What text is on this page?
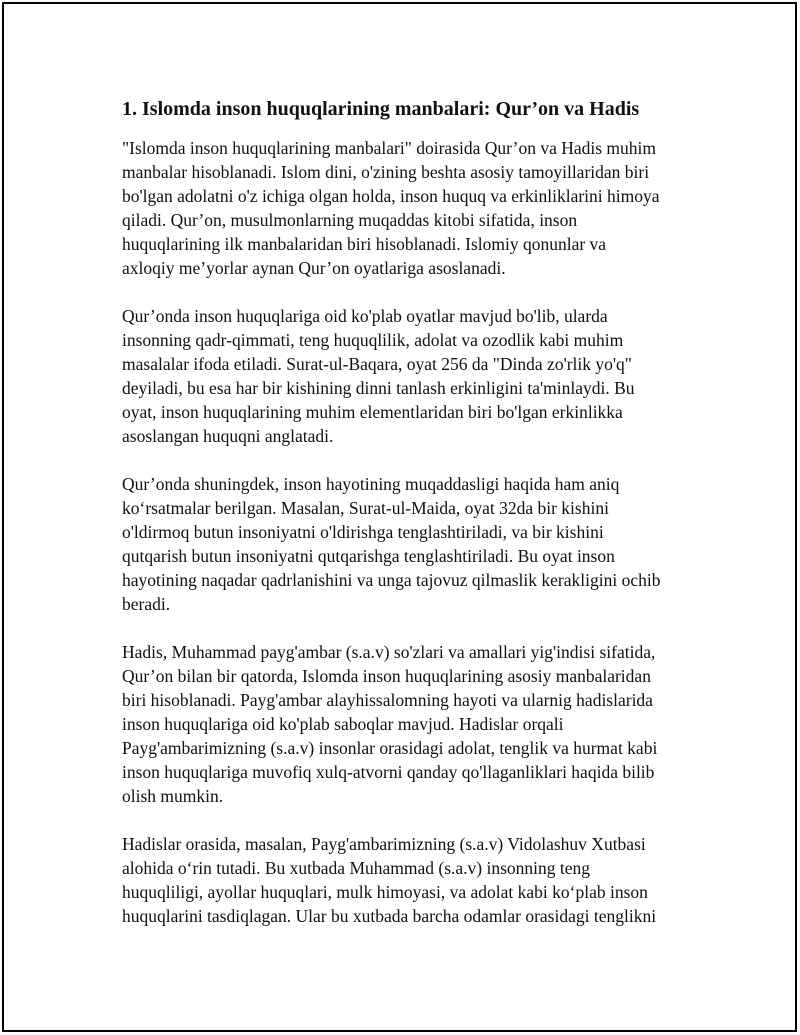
1. Islomda inson huquqlarining manbalari: Qur’on va Hadis
"Islomda inson huquqlarining manbalari" doirasida Qur’on va Hadis muhim
manbalar hisoblanadi. Islom dini, o'zining beshta asosiy tamoyillaridan biri
bo'lgan adolatni o'z ichiga olgan holda, inson huquq va erkinliklarini himoya
qiladi. Qur’on, musulmonlarning muqaddas kitobi sifatida, inson
huquqlarining ilk manbalaridan biri hisoblanadi. Islomiy qonunlar va
axloqiy me’yorlar aynan Qur’on oyatlariga asoslanadi.
Qur’onda inson huquqlariga oid ko'plab oyatlar mavjud bo'lib, ularda
insonning qadr-qimmati, teng huquqlilik, adolat va ozodlik kabi muhim
masalalar ifoda etiladi. Surat-ul-Baqara, oyat 256 da "Dinda zo'rlik yo'q"
deyiladi, bu esa har bir kishining dinni tanlash erkinligini ta'minlaydi. Bu
oyat, inson huquqlarining muhim elementlaridan biri bo'lgan erkinlikka
asoslangan huquqni anglatadi.
Qur’onda shuningdek, inson hayotining muqaddasligi haqida ham aniq
ko‘rsatmalar berilgan. Masalan, Surat-ul-Maida, oyat 32da bir kishini
o'ldirmoq butun insoniyatni o'ldirishga tenglashtiriladi, va bir kishini
qutqarish butun insoniyatni qutqarishga tenglashtiriladi. Bu oyat inson
hayotining naqadar qadrlanishini va unga tajovuz qilmaslik kerakligini ochib
beradi.
Hadis, Muhammad payg'ambar (s.a.v) so'zlari va amallari yig'indisi sifatida,
Qur’on bilan bir qatorda, Islomda inson huquqlarining asosiy manbalaridan
biri hisoblanadi. Payg'ambar alayhissalomning hayoti va ularnig hadislarida
inson huquqlariga oid ko'plab saboqlar mavjud. Hadislar orqali
Payg'ambarimizning (s.a.v) insonlar orasidagi adolat, tenglik va hurmat kabi
inson huquqlariga muvofiq xulq-atvorni qanday qo'llaganliklari haqida bilib
olish mumkin.
Hadislar orasida, masalan, Payg'ambarimizning (s.a.v) Vidolashuv Xutbasi
alohida o‘rin tutadi. Bu xutbada Muhammad (s.a.v) insonning teng
huquqliligi, ayollar huquqlari, mulk himoyasi, va adolat kabi ko‘plab inson
huquqlarini tasdiqlagan. Ular bu xutbada barcha odamlar orasidagi tenglikni
